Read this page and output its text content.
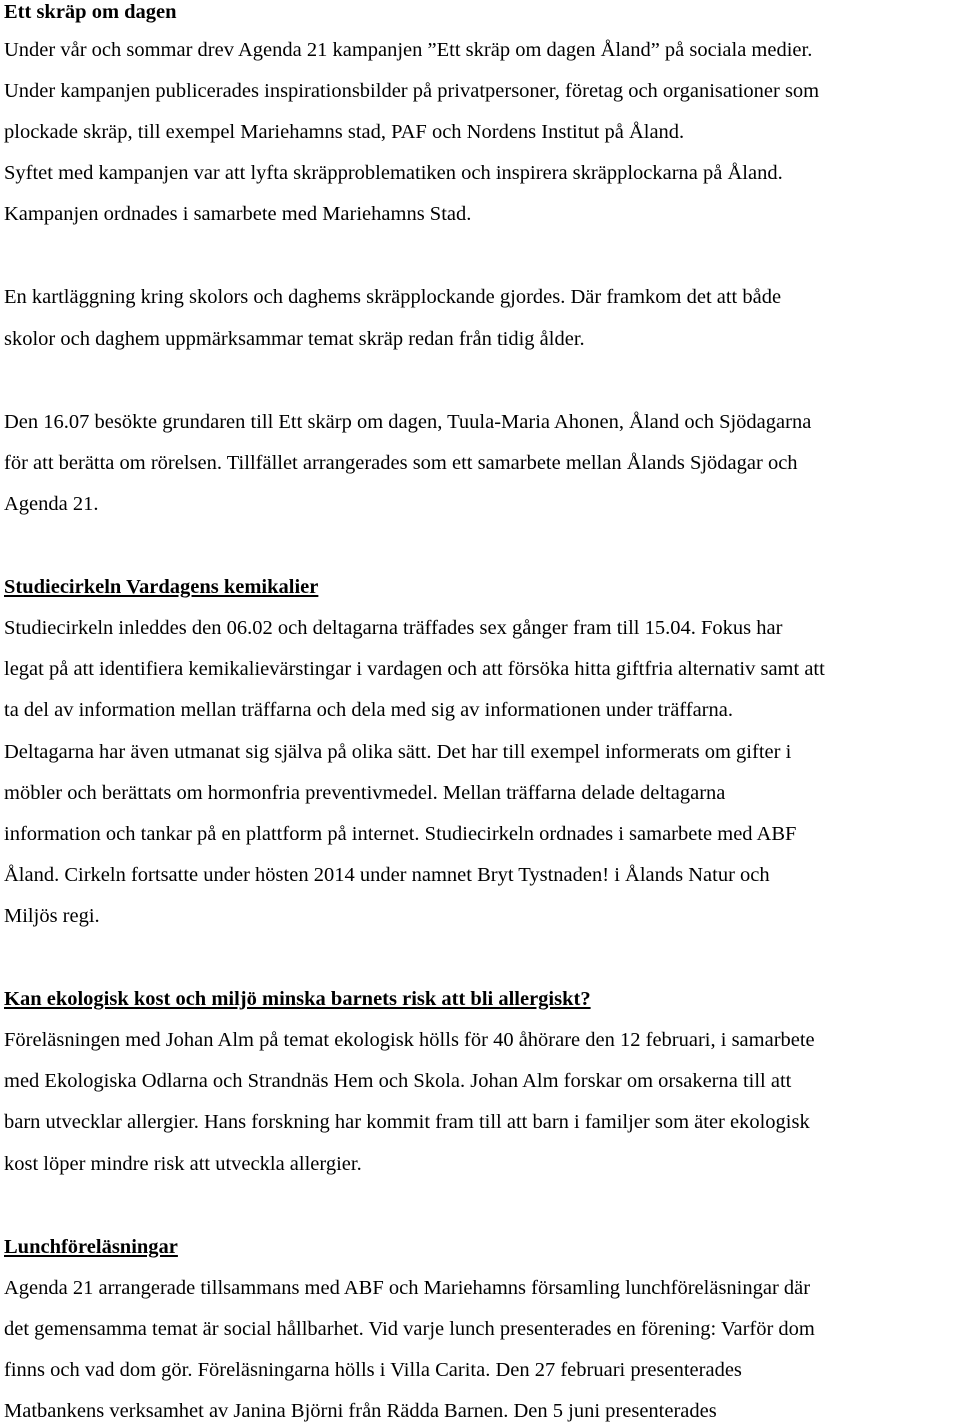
Ett skräp om dagen
Under vår och sommar drev Agenda 21 kampanjen ”Ett skräp om dagen Åland” på sociala medier.
Under kampanjen publicerades inspirationsbilder på privatpersoner, företag och organisationer som
plockade skräp, till exempel Mariehamns stad, PAF och Nordens Institut på Åland.
Syftet med kampanjen var att lyfta skräpproblematiken och inspirera skräpplockarna på Åland.
Kampanjen ordnades i samarbete med Mariehamns Stad.
En kartläggning kring skolors och daghems skräpplockande gjordes. Där framkom det att både
skolor och daghem uppmärksammar temat skräp redan från tidig ålder.
Den 16.07 besökte grundaren till Ett skärp om dagen, Tuula-Maria Ahonen, Åland och Sjödagarna
för att berätta om rörelsen. Tillfället arrangerades som ett samarbete mellan Ålands Sjödagar och
Agenda 21.
Studiecirkeln Vardagens kemikalier
Studiecirkeln inleddes den 06.02 och deltagarna träffades sex gånger fram till 15.04. Fokus har
legat på att identifiera kemikalievärstingar i vardagen och att försöka hitta giftfria alternativ samt att
ta del av information mellan träffarna och dela med sig av informationen under träffarna.
Deltagarna har även utmanat sig själva på olika sätt. Det har till exempel informerats om gifter i
möbler och berättats om hormonfria preventivmedel. Mellan träffarna delade deltagarna
information och tankar på en plattform på internet. Studiecirkeln ordnades i samarbete med ABF
Åland. Cirkeln fortsatte under hösten 2014 under namnet Bryt Tystnaden! i Ålands Natur och
Miljös regi.
Kan ekologisk kost och miljö minska barnets risk att bli allergiskt?
Föreläsningen med Johan Alm på temat ekologisk hölls för 40 åhörare den 12 februari, i samarbete
med Ekologiska Odlarna och Strandnäs Hem och Skola. Johan Alm forskar om orsakerna till att
barn utvecklar allergier. Hans forskning har kommit fram till att barn i familjer som äter ekologisk
kost löper mindre risk att utveckla allergier.
Lunchföreläsningar
Agenda 21 arrangerade tillsammans med ABF och Mariehamns församling lunchföreläsningar där
det gemensamma temat är social hållbarhet. Vid varje lunch presenterades en förening: Varför dom
finns och vad dom gör. Föreläsningarna hölls i Villa Carita. Den 27 februari presenterades
Matbankens verksamhet av Janina Björni från Rädda Barnen. Den 5 juni presenterades
